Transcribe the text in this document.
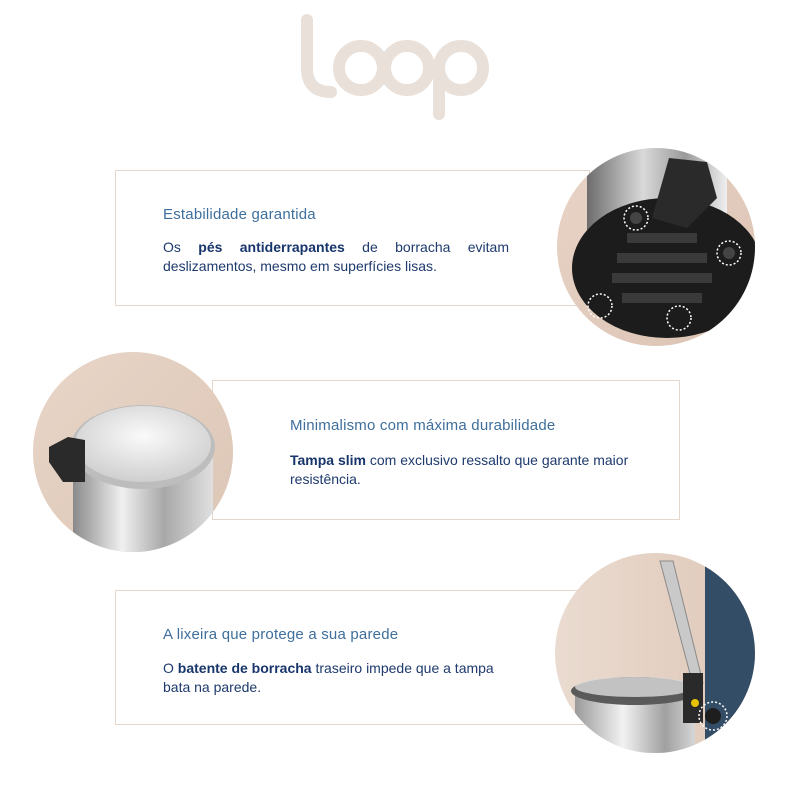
Estabilidade garantida
Os pés antiderrapantes de borracha evitam deslizamentos, mesmo em superfícies lisas.
Minimalismo com máxima durabilidade
Tampa slim com exclusivo ressalto que garante maior resistência.
A lixeira que protege a sua parede
O batente de borracha traseiro impede que a tampa bata na parede.
